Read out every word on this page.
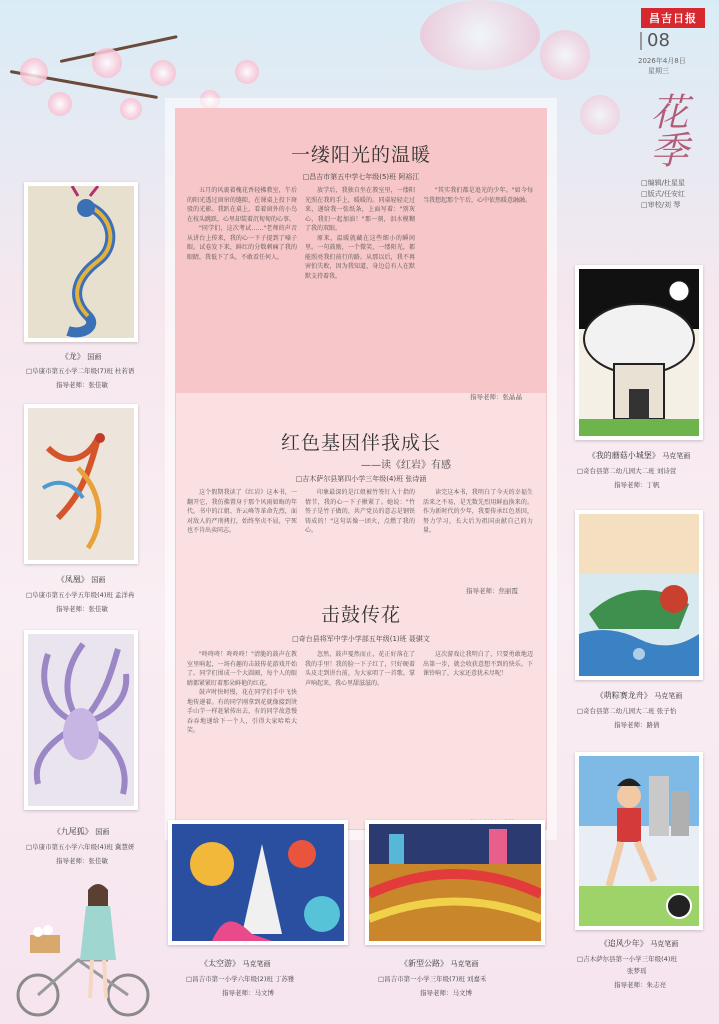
昌吉日报
08
2026年4月8日
星期三
花季
□编辑/杜星星
□版式/任安红
□审校/刘 琴
一缕阳光的温暖
□昌吉市第五中学七年级(5)班 阿裕江

五月的风裹着槐花香轻拂教室，午后的阳光透过窗帘的缝隙，在课桌上投下斑驳的光影。我趴在桌上，看着窗外的小鸟在枝头跳跃，心里却装着沉甸甸的心事。

"同学们，这次考试……"老师的声音从讲台上传来，我的心一下子提到了嗓子眼。试卷发下来，鲜红的分数刺痛了我的眼睛，我低下了头，不敢看任何人。

放学后，我独自坐在教室里，一缕阳光照在我的手上，暖暖的。同桌轻轻走过来，递给我一张纸条，上面写着："别灰心，我们一起加油！"那一刻，泪水模糊了我的双眼。

原来，温暖就藏在这些细小的瞬间里。一句鼓励，一个微笑，一缕阳光，都能照亮我们前行的路。从那以后，我不再害怕失败，因为我知道，身边总有人在默默支持着我。

"其实我们都是追光的少年。"如今每当我想起那个午后，心中依然暖意融融。

指导老师：张晶晶
红色基因伴我成长
——读《红岩》有感
□吉木萨尔县第四小学三年级(4)班 张诗涵

这个假期我读了《红岩》这本书，一翻开它，我仿佛置身于那个风雨如晦的年代。书中的江姐、许云峰等革命先烈，面对敌人的严刑拷打，始终坚贞不屈，宁死也不肯出卖同志。

印象最深的是江姐被竹签钉入十指的情节，我的心一下子揪紧了。她说："竹签子是竹子做的，共产党员的意志是钢铁铸成的！"这句话像一团火，点燃了我的心。

读完这本书，我明白了今天的幸福生活来之不易，是无数先烈用鲜血换来的。作为新时代的少年，我要传承红色基因，努力学习，长大后为祖国贡献自己的力量。

指导老师：焦丽霞
击鼓传花
□奇台县将军中学小学部五年级(1)班 聂骐文

"咚咚咚！咚咚咚！"清脆的鼓声在教室里响起，一场有趣的击鼓传花游戏开始了。同学们围成一个大圆圈，每个人的眼睛都紧紧盯着那朵鲜艳的红花。

鼓声时快时慢，花在同学们手中飞快地传递着。有的同学刚拿到花就像接到烫手山芋一样赶紧传出去，有的同学故意慢吞吞地递给下一个人，引得大家哈哈大笑。

忽然，鼓声戛然而止，花正好落在了我的手里！我的脸一下子红了，只好硬着头皮走到讲台前，为大家唱了一首歌。掌声响起来，我心里甜滋滋的。

这次游戏让我明白了，只要勇敢地迈出第一步，就会收获意想不到的快乐。下课铃响了，大家还意犹未尽呢！

《龙》 国画
□阜康市第五小学二年级(7)班 杜若语
指导老师：张佳敏
《凤凰》 国画
□阜康市第五小学五年级(4)班 孟洋冉
指导老师：张佳敏
《九尾狐》 国画
□阜康市第五小学六年级(4)班 冀慧妍
指导老师：张佳敏
《我的蘑菇小城堡》 马克笔画
□奇台县第二幼儿园大二班 刘诗萱
指导老师：丁帆
《萌粽赛龙舟》 马克笔画
□奇台县第二幼儿园大二班 张子怡
指导老师：路倩
《追风少年》 马克笔画
□吉木萨尔县第一小学三年级(4)班
张梦瑶
指导老师：朱志亮
《太空游》 马克笔画
□昌吉市第一小学六年级(2)班 丁苏雅
指导老师：马文博
《新型公路》 马克笔画
□昌吉市第一小学三年级(7)班 刘嘉禾
指导老师：马文博
